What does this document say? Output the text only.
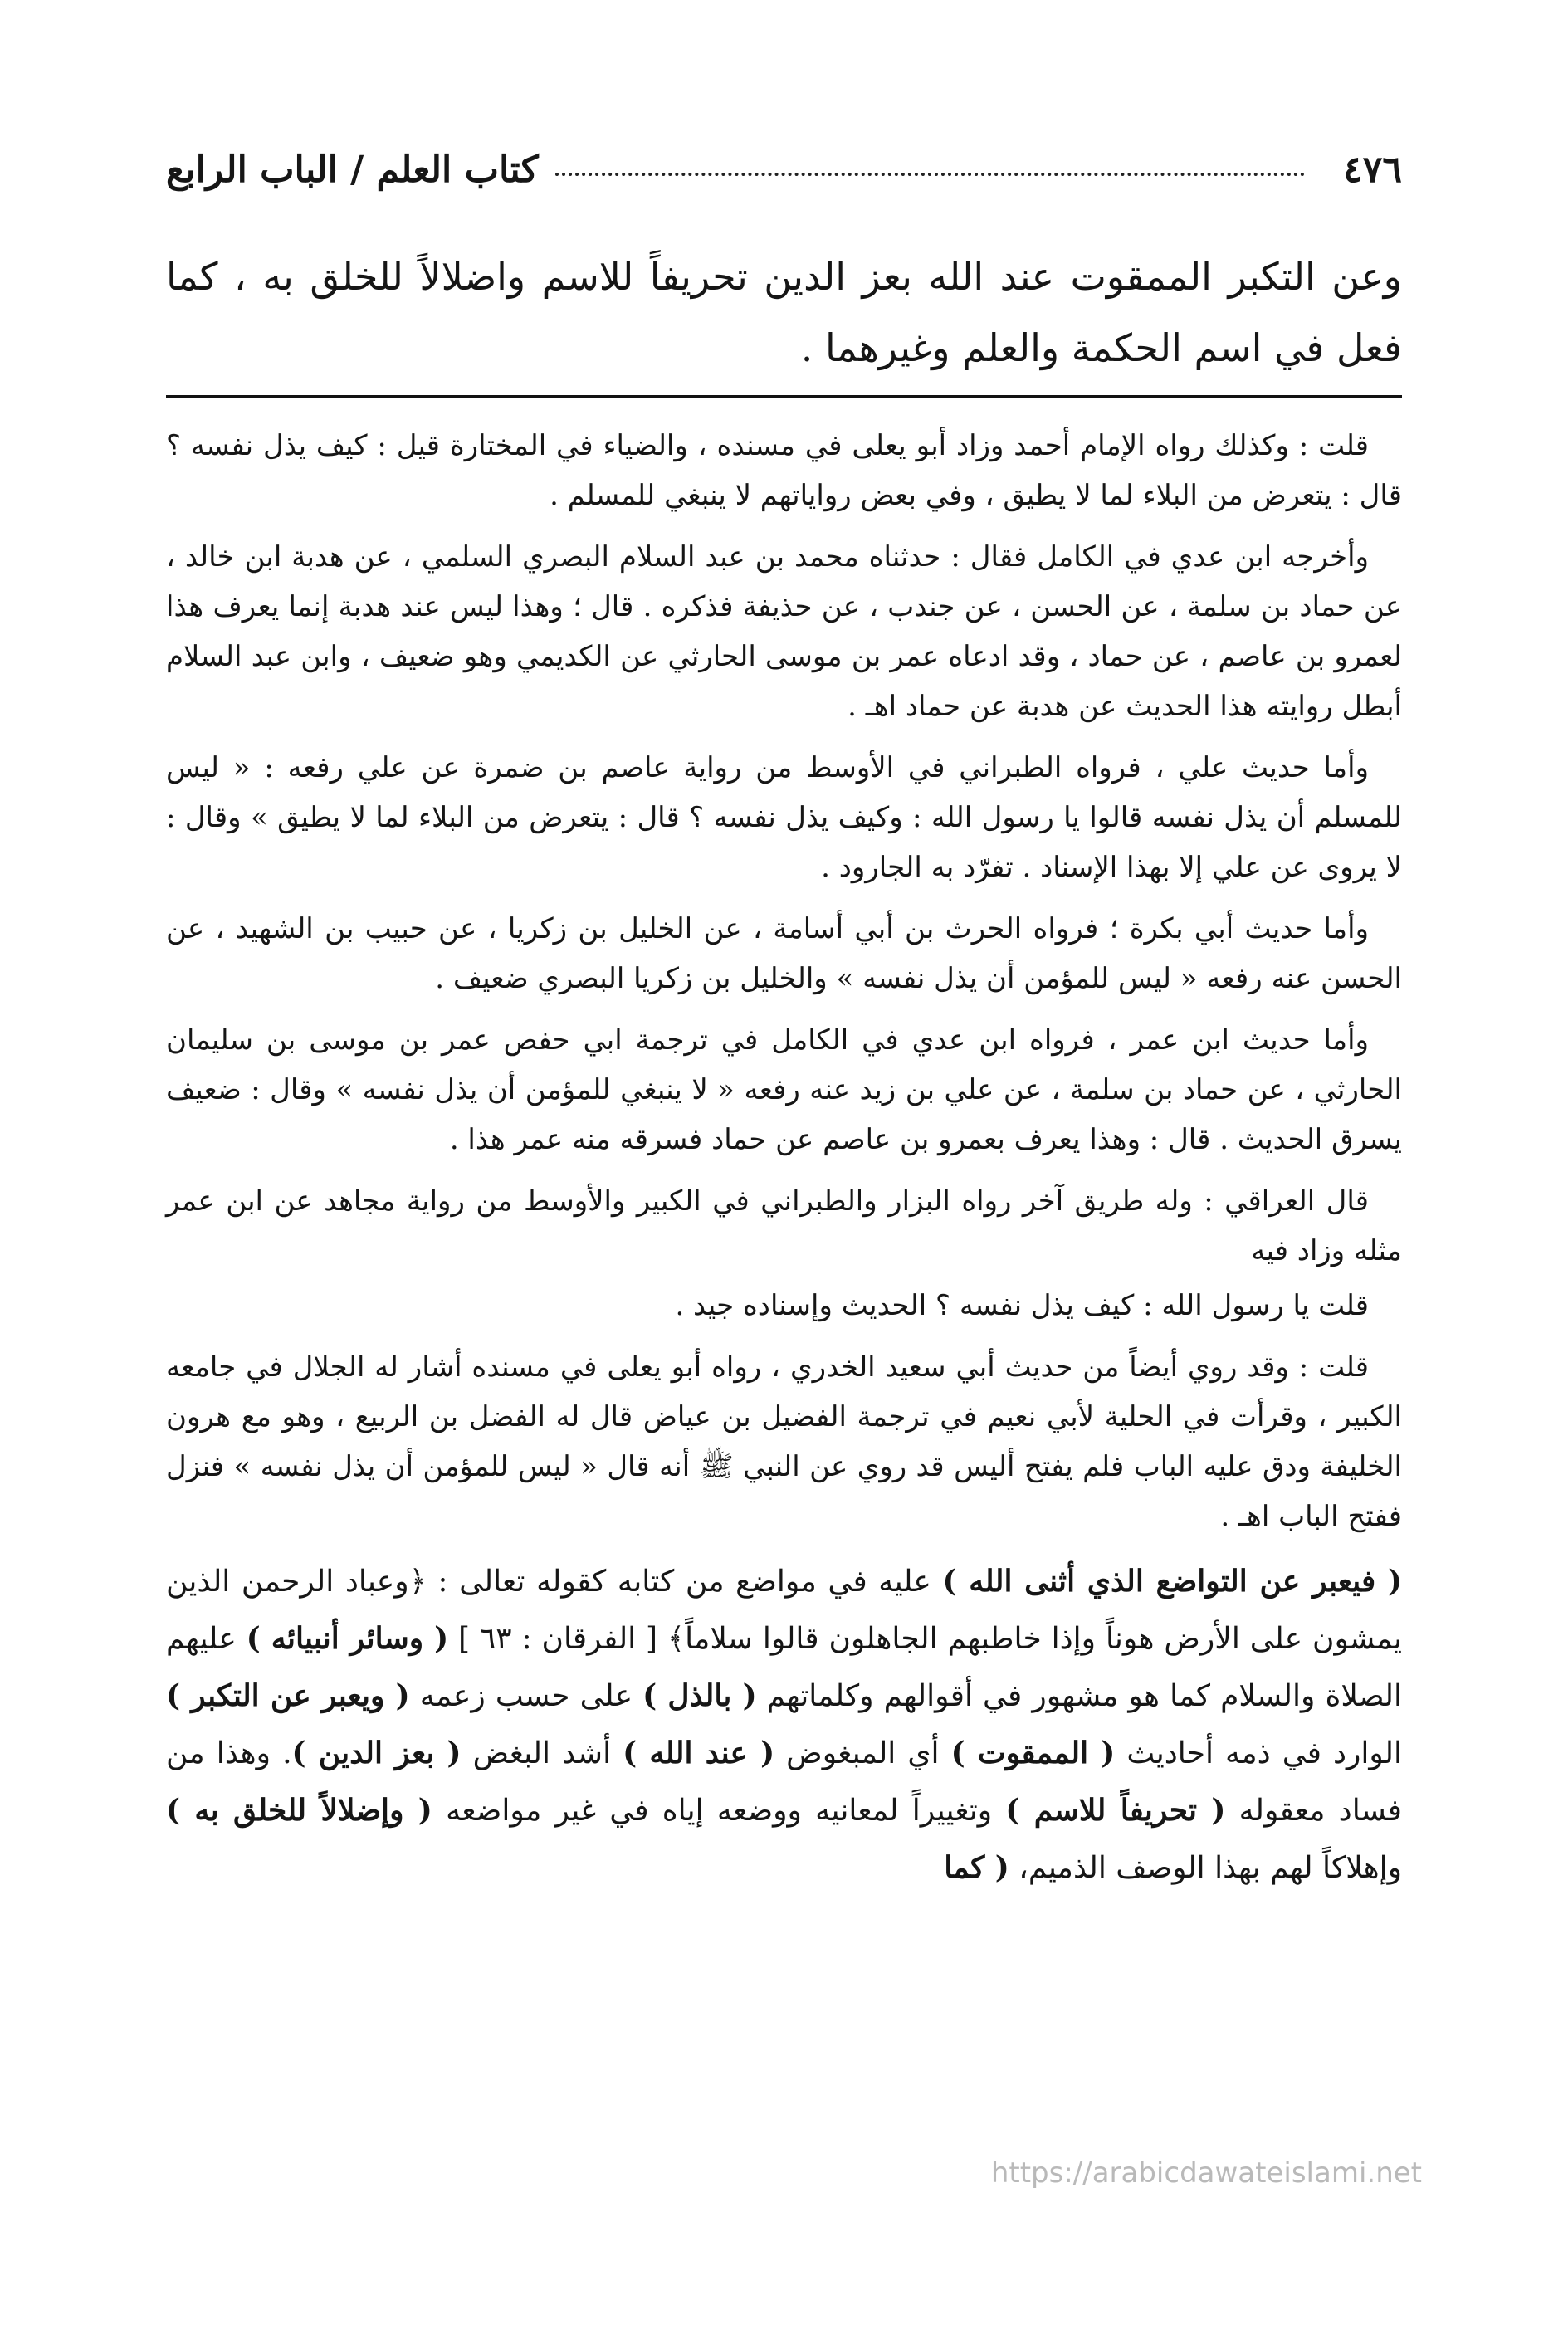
٤٧٦
كتاب العلم / الباب الرابع

وعن التكبر الممقوت عند الله بعز الدين تحريفاً للاسم واضلالاً للخلق به ، كما فعل في اسم الحكمة والعلم وغيرهما .

قلت : وكذلك رواه الإمام أحمد وزاد أبو يعلى في مسنده ، والضياء في المختارة قيل : كيف يذل نفسه ؟ قال : يتعرض من البلاء لما لا يطيق ، وفي بعض رواياتهم لا ينبغي للمسلم .

وأخرجه ابن عدي في الكامل فقال : حدثناه محمد بن عبد السلام البصري السلمي ، عن هدبة ابن خالد ، عن حماد بن سلمة ، عن الحسن ، عن جندب ، عن حذيفة فذكره . قال ؛ وهذا ليس عند هدبة إنما يعرف هذا لعمرو بن عاصم ، عن حماد ، وقد ادعاه عمر بن موسى الحارثي عن الكديمي وهو ضعيف ، وابن عبد السلام أبطل روايته هذا الحديث عن هدبة عن حماد اهـ .

وأما حديث علي ، فرواه الطبراني في الأوسط من رواية عاصم بن ضمرة عن علي رفعه : « ليس للمسلم أن يذل نفسه قالوا يا رسول الله : وكيف يذل نفسه ؟ قال : يتعرض من البلاء لما لا يطيق » وقال : لا يروى عن علي إلا بهذا الإسناد . تفرّد به الجارود .

وأما حديث أبي بكرة ؛ فرواه الحرث بن أبي أسامة ، عن الخليل بن زكريا ، عن حبيب بن الشهيد ، عن الحسن عنه رفعه « ليس للمؤمن أن يذل نفسه » والخليل بن زكريا البصري ضعيف .

وأما حديث ابن عمر ، فرواه ابن عدي في الكامل في ترجمة ابي حفص عمر بن موسى بن سليمان الحارثي ، عن حماد بن سلمة ، عن علي بن زيد عنه رفعه « لا ينبغي للمؤمن أن يذل نفسه » وقال : ضعيف يسرق الحديث . قال : وهذا يعرف بعمرو بن عاصم عن حماد فسرقه منه عمر هذا .

قال العراقي : وله طريق آخر رواه البزار والطبراني في الكبير والأوسط من رواية مجاهد عن ابن عمر مثله وزاد فيه

قلت يا رسول الله : كيف يذل نفسه ؟ الحديث وإسناده جيد .

قلت : وقد روي أيضاً من حديث أبي سعيد الخدري ، رواه أبو يعلى في مسنده أشار له الجلال في جامعه الكبير ، وقرأت في الحلية لأبي نعيم في ترجمة الفضيل بن عياض قال له الفضل بن الربيع ، وهو مع هرون الخليفة ودق عليه الباب فلم يفتح أليس قد روي عن النبي ﷺ أنه قال « ليس للمؤمن أن يذل نفسه » فنزل ففتح الباب اهـ .

( فيعبر عن التواضع الذي أثنى الله ) عليه في مواضع من كتابه كقوله تعالى : ﴿وعباد الرحمن الذين يمشون على الأرض هوناً وإذا خاطبهم الجاهلون قالوا سلاماً﴾ [ الفرقان : ٦٣ ] ( وسائر أنبيائه ) عليهم الصلاة والسلام كما هو مشهور في أقوالهم وكلماتهم ( بالذل ) على حسب زعمه ( ويعبر عن التكبر ) الوارد في ذمه أحاديث ( الممقوت ) أي المبغوض ( عند الله ) أشد البغض ( بعز الدين ). وهذا من فساد معقوله ( تحريفاً للاسم ) وتغييراً لمعانيه ووضعه إياه في غير مواضعه ( وإضلالاً للخلق به ) وإهلاكاً لهم بهذا الوصف الذميم، ( كما

https://arabicdawateislami.net
